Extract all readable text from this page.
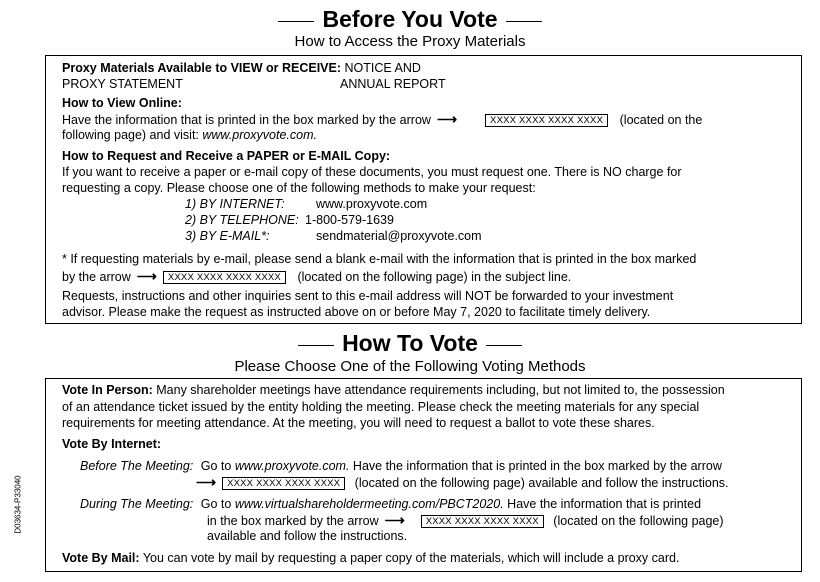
Before You Vote
How to Access the Proxy Materials
Proxy Materials Available to VIEW or RECEIVE: NOTICE AND
PROXY STATEMENT	ANNUAL REPORT
How to View Online:
Have the information that is printed in the box marked by the arrow ⟶	XXXX XXXX XXXX XXXX (located on the
following page) and visit: www.proxyvote.com.
How to Request and Receive a PAPER or E-MAIL Copy:
If you want to receive a paper or e-mail copy of these documents, you must request one. There is NO charge for
requesting a copy. Please choose one of the following methods to make your request:
1) BY INTERNET:	www.proxyvote.com
2) BY TELEPHONE: 1-800-579-1639
3) BY E-MAIL*:	sendmaterial@proxyvote.com
* If requesting materials by e-mail, please send a blank e-mail with the information that is printed in the box marked
by the arrow ⟶ XXXX XXXX XXXX XXXX (located on the following page) in the subject line.
Requests, instructions and other inquiries sent to this e-mail address will NOT be forwarded to your investment
advisor. Please make the request as instructed above on or before May 7, 2020 to facilitate timely delivery.
How To Vote
Please Choose One of the Following Voting Methods
Vote In Person: Many shareholder meetings have attendance requirements including, but not limited to, the possession
of an attendance ticket issued by the entity holding the meeting. Please check the meeting materials for any special
requirements for meeting attendance. At the meeting, you will need to request a ballot to vote these shares.
Vote By Internet:
Before The Meeting: Go to www.proxyvote.com. Have the information that is printed in the box marked by the arrow
⟶ XXXX XXXX XXXX XXXX (located on the following page) available and follow the instructions.
During The Meeting: Go to www.virtualshareholdermeeting.com/PBCT2020. Have the information that is printed
in the box marked by the arrow ⟶ XXXX XXXX XXXX XXXX (located on the following page)
available and follow the instructions.
Vote By Mail: You can vote by mail by requesting a paper copy of the materials, which will include a proxy card.
D03634-P33040
